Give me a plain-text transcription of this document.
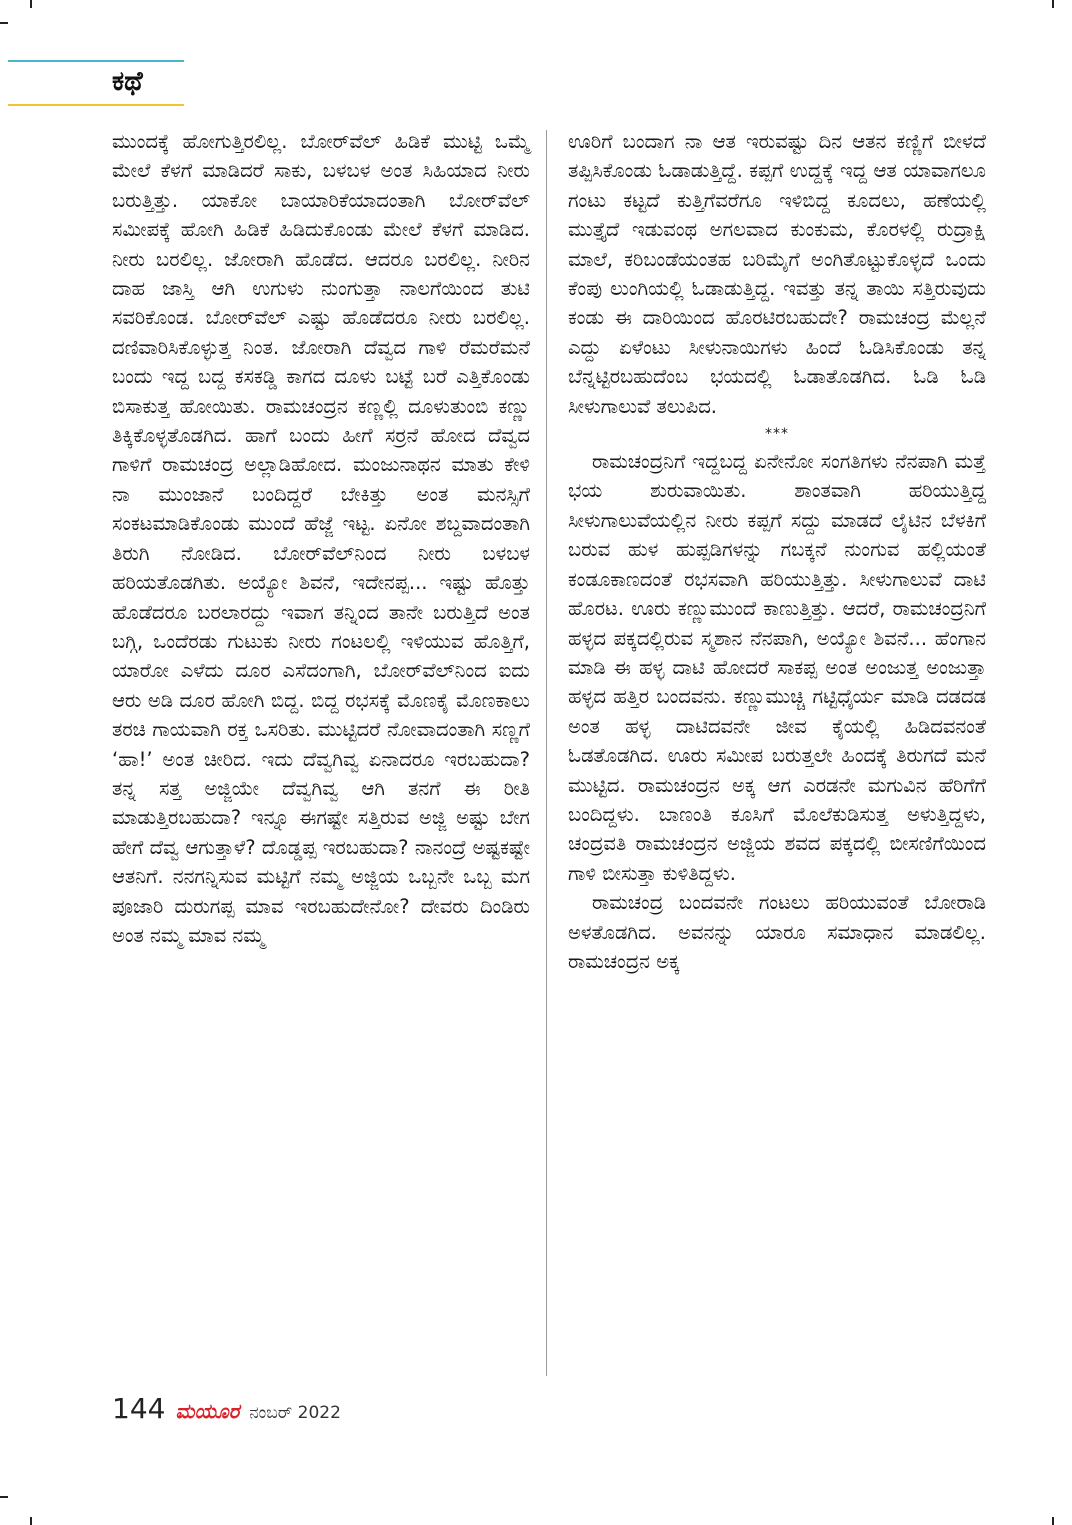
ಕಥೆ

ಮುಂದಕ್ಕೆ ಹೋಗುತ್ತಿರಲಿಲ್ಲ. ಬೋರ್‌ವೆಲ್ ಹಿಡಿಕೆ ಮುಟ್ಟಿ ಒಮ್ಮೆ ಮೇಲೆ ಕೆಳಗೆ ಮಾಡಿದರೆ ಸಾಕು, ಬಳಬಳ ಅಂತ ಸಿಹಿಯಾದ ನೀರು ಬರುತ್ತಿತ್ತು. ಯಾಕೋ ಬಾಯಾರಿಕೆಯಾದಂತಾಗಿ ಬೋರ್‌ವೆಲ್ ಸಮೀಪಕ್ಕೆ ಹೋಗಿ ಹಿಡಿಕೆ ಹಿಡಿದುಕೊಂಡು ಮೇಲೆ ಕೆಳಗೆ ಮಾಡಿದ. ನೀರು ಬರಲಿಲ್ಲ. ಜೋರಾಗಿ ಹೊಡೆದ. ಆದರೂ ಬರಲಿಲ್ಲ. ನೀರಿನ ದಾಹ ಜಾಸ್ತಿ ಆಗಿ ಉಗುಳು ನುಂಗುತ್ತಾ ನಾಲಗೆಯಿಂದ ತುಟಿ ಸವರಿಕೊಂಡ. ಬೋರ್‌ವೆಲ್ ಎಷ್ಟು ಹೊಡೆದರೂ ನೀರು ಬರಲಿಲ್ಲ. ದಣಿವಾರಿಸಿಕೊಳ್ಳುತ್ತ ನಿಂತ. ಜೋರಾಗಿ ದೆವ್ವದ ಗಾಳಿ ರೆಮರೆಮನೆ ಬಂದು ಇದ್ದ ಬದ್ದ ಕಸಕಡ್ಡಿ ಕಾಗದ ದೂಳು ಬಟ್ಟೆ ಬರೆ ಎತ್ತಿಕೊಂಡು ಬಿಸಾಕುತ್ತ ಹೋಯಿತು. ರಾಮಚಂದ್ರನ ಕಣ್ಣಲ್ಲಿ ದೂಳುತುಂಬಿ ಕಣ್ಣು ತಿಕ್ಕಿಕೊಳ್ಳತೊಡಗಿದ. ಹಾಗೆ ಬಂದು ಹೀಗೆ ಸರ್ರನೆ ಹೋದ ದೆವ್ವದ ಗಾಳಿಗೆ ರಾಮಚಂದ್ರ ಅಲ್ಲಾಡಿಹೋದ. ಮಂಜುನಾಥನ ಮಾತು ಕೇಳಿ ನಾ ಮುಂಜಾನೆ ಬಂದಿದ್ದರೆ ಬೇಕಿತ್ತು ಅಂತ ಮನಸ್ಸಿಗೆ ಸಂಕಟಮಾಡಿಕೊಂಡು ಮುಂದೆ ಹೆಜ್ಜೆ ಇಟ್ಟ. ಏನೋ ಶಬ್ದವಾದಂತಾಗಿ ತಿರುಗಿ ನೋಡಿದ. ಬೋರ್‌ವೆಲ್‌ನಿಂದ ನೀರು ಬಳಬಳ ಹರಿಯತೊಡಗಿತು. ಅಯ್ಯೋ ಶಿವನೆ, ಇದೇನಪ್ಪ... ಇಷ್ಟು ಹೊತ್ತು ಹೊಡೆದರೂ ಬರಲಾರದ್ದು ಇವಾಗ ತನ್ನಿಂದ ತಾನೇ ಬರುತ್ತಿದೆ ಅಂತ ಬಗ್ಗಿ, ಒಂದೆರಡು ಗುಟುಕು ನೀರು ಗಂಟಲಲ್ಲಿ ಇಳಿಯುವ ಹೊತ್ತಿಗೆ, ಯಾರೋ ಎಳೆದು ದೂರ ಎಸೆದಂಗಾಗಿ, ಬೋರ್‌ವೆಲ್‌ನಿಂದ ಐದು ಆರು ಅಡಿ ದೂರ ಹೋಗಿ ಬಿದ್ದ. ಬಿದ್ದ ರಭಸಕ್ಕೆ ಮೊಣಕೈ ಮೊಣಕಾಲು ತರಚಿ ಗಾಯವಾಗಿ ರಕ್ತ ಒಸರಿತು. ಮುಟ್ಟಿದರೆ ನೋವಾದಂತಾಗಿ ಸಣ್ಣಗೆ ‘ಹಾ!’ ಅಂತ ಚೀರಿದ. ಇದು ದೆವ್ವಗಿವ್ವ ಏನಾದರೂ ಇರಬಹುದಾ? ತನ್ನ ಸತ್ತ ಅಜ್ಜಿಯೇ ದೆವ್ವಗಿವ್ವ ಆಗಿ ತನಗೆ ಈ ರೀತಿ ಮಾಡುತ್ತಿರಬಹುದಾ? ಇನ್ನೂ ಈಗಷ್ಟೇ ಸತ್ತಿರುವ ಅಜ್ಜಿ ಅಷ್ಟು ಬೇಗ ಹೇಗೆ ದೆವ್ವ ಆಗುತ್ತಾಳೆ? ದೊಡ್ಡಪ್ಪ ಇರಬಹುದಾ? ನಾನಂದ್ರೆ ಅಷ್ಟಕಷ್ಟೇ ಆತನಿಗೆ. ನನಗನ್ನಿಸುವ ಮಟ್ಟಿಗೆ ನಮ್ಮ ಅಜ್ಜಿಯ ಒಬ್ಬನೇ ಒಬ್ಬ ಮಗ ಪೂಜಾರಿ ದುರುಗಪ್ಪ ಮಾವ ಇರಬಹುದೇನೋ? ದೇವರು ದಿಂಡಿರು ಅಂತ ನಮ್ಮ ಮಾವ ನಮ್ಮ

ಊರಿಗೆ ಬಂದಾಗ ನಾ ಆತ ಇರುವಷ್ಟು ದಿನ ಆತನ ಕಣ್ಣಿಗೆ ಬೀಳದೆ ತಪ್ಪಿಸಿಕೊಂಡು ಓಡಾಡುತ್ತಿದ್ದೆ. ಕಪ್ಪಗೆ ಉದ್ದಕ್ಕೆ ಇದ್ದ ಆತ ಯಾವಾಗಲೂ ಗಂಟು ಕಟ್ಟದೆ ಕುತ್ತಿಗೆವರೆಗೂ ಇಳಿಬಿದ್ದ ಕೂದಲು, ಹಣೆಯಲ್ಲಿ ಮುತ್ತೈದೆ ಇಡುವಂಥ ಅಗಲವಾದ ಕುಂಕುಮ, ಕೊರಳಲ್ಲಿ ರುದ್ರಾಕ್ಷಿ ಮಾಲೆ, ಕರಿಬಂಡೆಯಂತಹ ಬರಿಮೈಗೆ ಅಂಗಿತೊಟ್ಟುಕೊಳ್ಳದೆ ಒಂದು ಕೆಂಪು ಲುಂಗಿಯಲ್ಲಿ ಓಡಾಡುತ್ತಿದ್ದ. ಇವತ್ತು ತನ್ನ ತಾಯಿ ಸತ್ತಿರುವುದು ಕಂಡು ಈ ದಾರಿಯಿಂದ ಹೊರಟಿರಬಹುದೇ? ರಾಮಚಂದ್ರ ಮೆಲ್ಲನೆ ಎದ್ದು ಏಳೆಂಟು ಸೀಳುನಾಯಿಗಳು ಹಿಂದೆ ಓಡಿಸಿಕೊಂಡು ತನ್ನ ಬೆನ್ನಟ್ಟಿರಬಹುದೆಂಬ ಭಯದಲ್ಲಿ ಓಡಾತೊಡಗಿದ. ಓಡಿ ಓಡಿ ಸೀಳುಗಾಲುವೆ ತಲುಪಿದ.

***

ರಾಮಚಂದ್ರನಿಗೆ ಇದ್ದಬದ್ದ ಏನೇನೋ ಸಂಗತಿಗಳು ನೆನಪಾಗಿ ಮತ್ತೆ ಭಯ ಶುರುವಾಯಿತು. ಶಾಂತವಾಗಿ ಹರಿಯುತ್ತಿದ್ದ ಸೀಳುಗಾಲುವೆಯಲ್ಲಿನ ನೀರು ಕಪ್ಪಗೆ ಸದ್ದು ಮಾಡದೆ ಲೈಟಿನ ಬೆಳಕಿಗೆ ಬರುವ ಹುಳ ಹುಪ್ಪಡಿಗಳನ್ನು ಗಬಕ್ಕನೆ ನುಂಗುವ ಹಲ್ಲಿಯಂತೆ ಕಂಡೂಕಾಣದಂತೆ ರಭಸವಾಗಿ ಹರಿಯುತ್ತಿತ್ತು. ಸೀಳುಗಾಲುವೆ ದಾಟಿ ಹೊರಟ. ಊರು ಕಣ್ಣುಮುಂದೆ ಕಾಣುತ್ತಿತ್ತು. ಆದರೆ, ರಾಮಚಂದ್ರನಿಗೆ ಹಳ್ಳದ ಪಕ್ಕದಲ್ಲಿರುವ ಸ್ಮಶಾನ ನೆನಪಾಗಿ, ಅಯ್ಯೋ ಶಿವನೆ... ಹೆಂಗಾನ ಮಾಡಿ ಈ ಹಳ್ಳ ದಾಟಿ ಹೋದರೆ ಸಾಕಪ್ಪ ಅಂತ ಅಂಜುತ್ತ ಅಂಜುತ್ತಾ ಹಳ್ಳದ ಹತ್ತಿರ ಬಂದವನು. ಕಣ್ಣುಮುಚ್ಚಿ ಗಟ್ಟಿಧೈರ್ಯ ಮಾಡಿ ದಡದಡ ಅಂತ ಹಳ್ಳ ದಾಟಿದವನೇ ಜೀವ ಕೈಯಲ್ಲಿ ಹಿಡಿದವನಂತೆ ಓಡತೊಡಗಿದ. ಊರು ಸಮೀಪ ಬರುತ್ತಲೇ ಹಿಂದಕ್ಕೆ ತಿರುಗದೆ ಮನೆ ಮುಟ್ಟಿದ. ರಾಮಚಂದ್ರನ ಅಕ್ಕ ಆಗ ಎರಡನೇ ಮಗುವಿನ ಹೆರಿಗೆಗೆ ಬಂದಿದ್ದಳು. ಬಾಣಂತಿ ಕೂಸಿಗೆ ಮೊಲೆಕುಡಿಸುತ್ತ ಅಳುತ್ತಿದ್ದಳು, ಚಂದ್ರವತಿ ರಾಮಚಂದ್ರನ ಅಜ್ಜಿಯ ಶವದ ಪಕ್ಕದಲ್ಲಿ ಬೀಸಣಿಗೆಯಿಂದ ಗಾಳಿ ಬೀಸುತ್ತಾ ಕುಳಿತಿದ್ದಳು.

ರಾಮಚಂದ್ರ ಬಂದವನೇ ಗಂಟಲು ಹರಿಯುವಂತೆ ಬೋರಾಡಿ ಅಳತೊಡಗಿದ. ಅವನನ್ನು ಯಾರೂ ಸಮಾಧಾನ ಮಾಡಲಿಲ್ಲ. ರಾಮಚಂದ್ರನ ಅಕ್ಕ

144 ಮಯೂರ ನಂಬರ್ 2022
